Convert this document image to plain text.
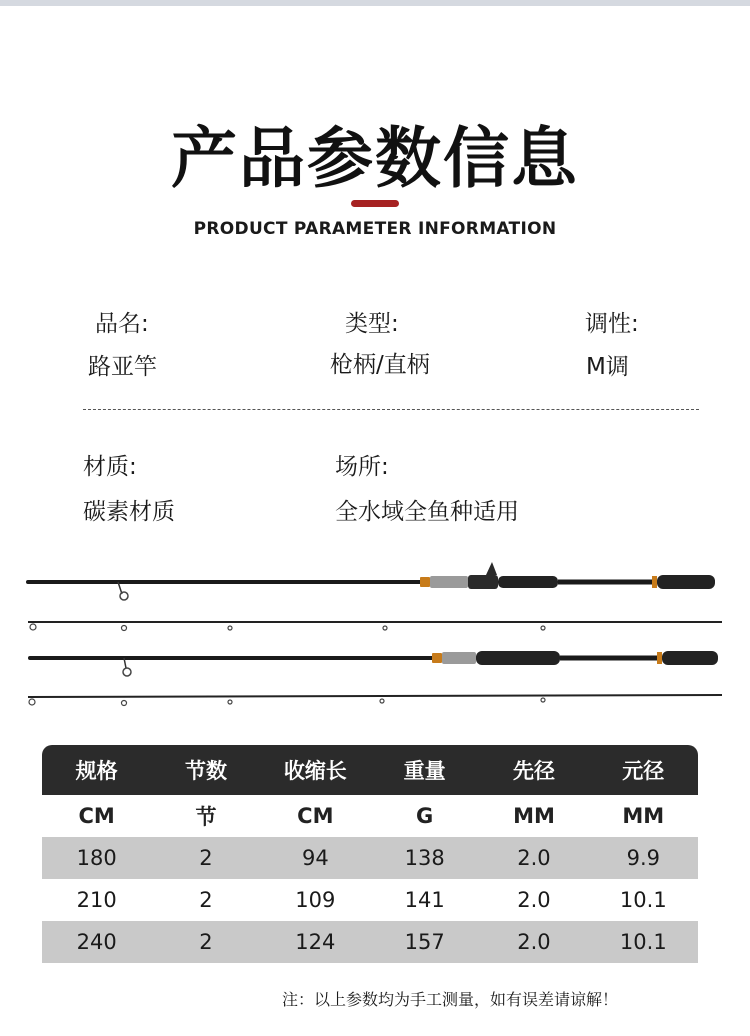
产品参数信息
PRODUCT PARAMETER INFORMATION
品名:
路亚竿
类型:
枪柄/直柄
调性:
M调
材质:
碳素材质
场所:
全水域全鱼种适用
规格	节数	收缩长	重量	先径	元径
CM	节	CM	G	MM	MM
180	2	94	138	2.0	9.9
210	2	109	141	2.0	10.1
240	2	124	157	2.0	10.1
注：以上参数均为手工测量，如有误差请谅解！
